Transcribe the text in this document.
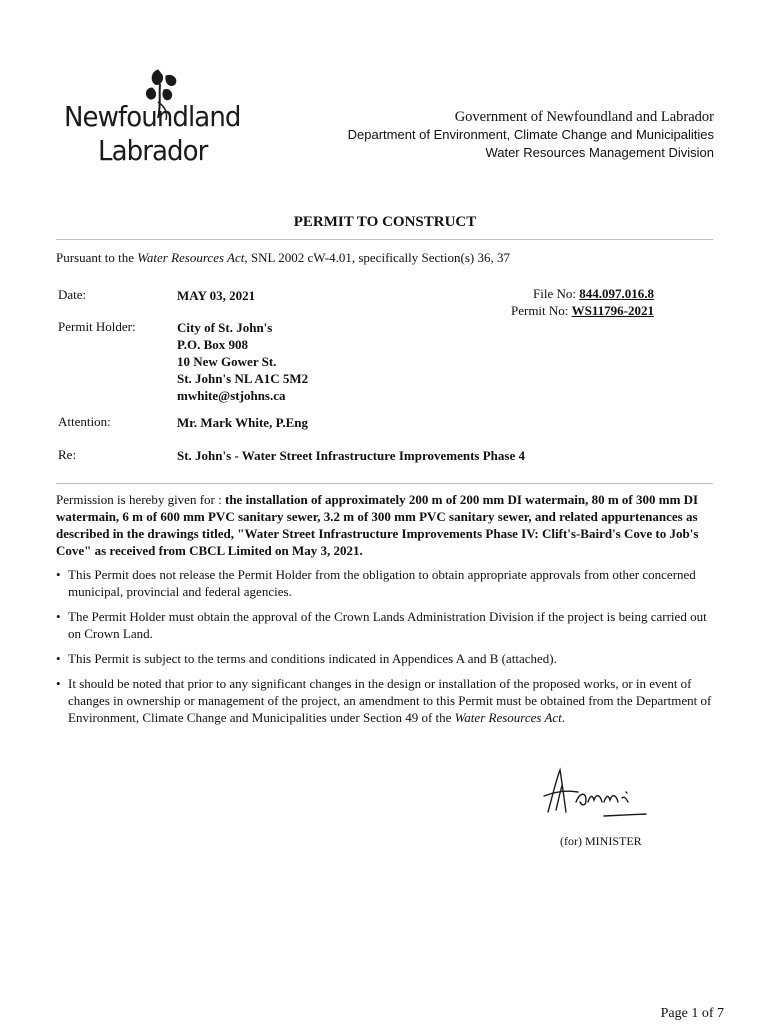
Newfoundland
Labrador
Government of Newfoundland and Labrador
Department of Environment, Climate Change and Municipalities
Water Resources Management Division
PERMIT TO CONSTRUCT
Pursuant to the Water Resources Act, SNL 2002 cW-4.01, specifically Section(s) 36, 37
Date:	MAY 03, 2021	File No: 844.097.016.8
Permit No: WS11796-2021
Permit Holder:	City of St. John's
P.O. Box 908
10 New Gower St.
St. John's NL A1C 5M2
mwhite@stjohns.ca
Attention:	Mr. Mark White, P.Eng
Re:	St. John's - Water Street Infrastructure Improvements Phase 4
Permission is hereby given for : the installation of approximately 200 m of 200 mm DI watermain, 80 m of 300 mm DI watermain, 6 m of 600 mm PVC sanitary sewer, 3.2 m of 300 mm PVC sanitary sewer, and related appurtenances as described in the drawings titled, "Water Street Infrastructure Improvements Phase IV: Clift's-Baird's Cove to Job's Cove" as received from CBCL Limited on May 3, 2021.
• This Permit does not release the Permit Holder from the obligation to obtain appropriate approvals from other concerned municipal, provincial and federal agencies.
• The Permit Holder must obtain the approval of the Crown Lands Administration Division if the project is being carried out on Crown Land.
• This Permit is subject to the terms and conditions indicated in Appendices A and B (attached).
• It should be noted that prior to any significant changes in the design or installation of the proposed works, or in event of changes in ownership or management of the project, an amendment to this Permit must be obtained from the Department of Environment, Climate Change and Municipalities under Section 49 of the Water Resources Act.
(for) MINISTER
Page 1 of 7
